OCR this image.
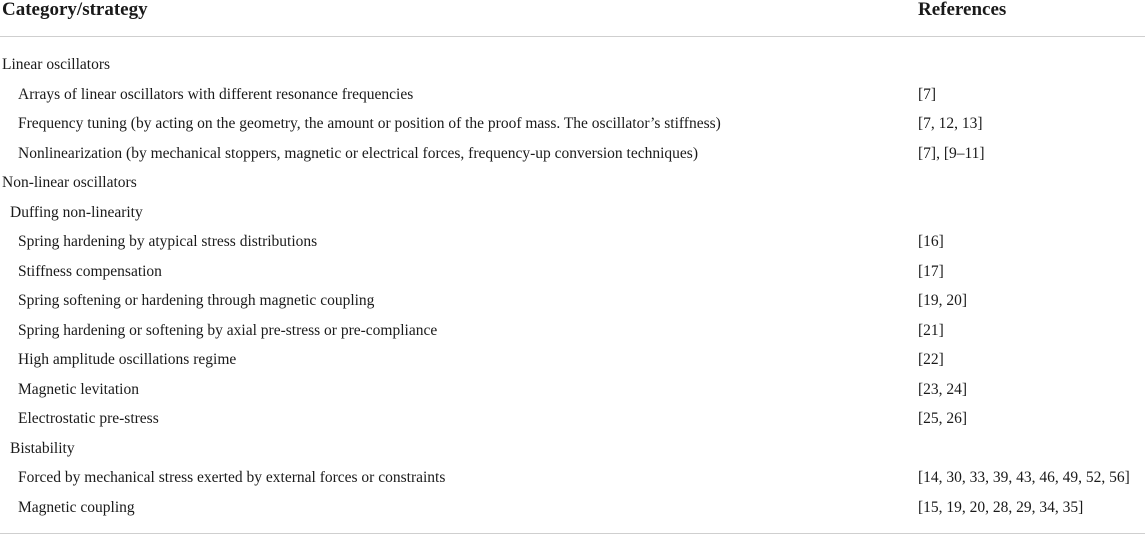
Category/strategy	References
Linear oscillators
Arrays of linear oscillators with different resonance frequencies	[7]
Frequency tuning (by acting on the geometry, the amount or position of the proof mass. The oscillator’s stiffness)	[7, 12, 13]
Nonlinearization (by mechanical stoppers, magnetic or electrical forces, frequency-up conversion techniques)	[7], [9–11]
Non-linear oscillators
Duffing non-linearity
Spring hardening by atypical stress distributions	[16]
Stiffness compensation	[17]
Spring softening or hardening through magnetic coupling	[19, 20]
Spring hardening or softening by axial pre-stress or pre-compliance	[21]
High amplitude oscillations regime	[22]
Magnetic levitation	[23, 24]
Electrostatic pre-stress	[25, 26]
Bistability
Forced by mechanical stress exerted by external forces or constraints	[14, 30, 33, 39, 43, 46, 49, 52, 56]
Magnetic coupling	[15, 19, 20, 28, 29, 34, 35]
